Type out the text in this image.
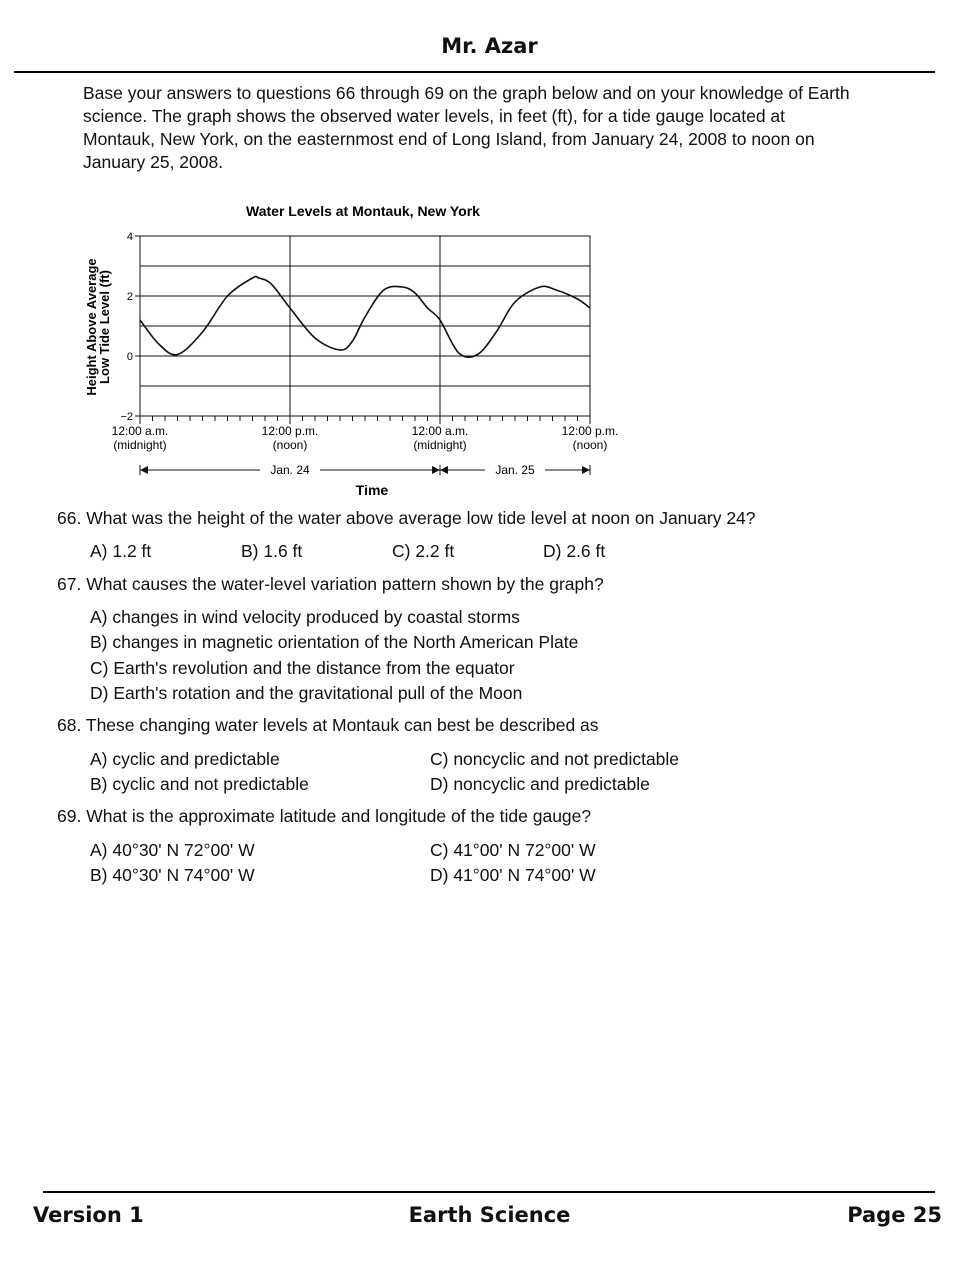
Mr. Azar

Base your answers to questions 66 through 69 on the graph below and on your knowledge of Earth science. The graph shows the observed water levels, in feet (ft), for a tide gauge located at Montauk, New York, on the easternmost end of Long Island, from January 24, 2008 to noon on January 25, 2008.

Water Levels at Montauk, New York
Height Above Average
Low Tide Level (ft)
4
2
0
−2
12:00 a.m.
(midnight)
12:00 p.m.
(noon)
12:00 a.m.
(midnight)
12:00 p.m.
(noon)
Jan. 24	Jan. 25
Time
66. What was the height of the water above average low tide level at noon on January 24?
A) 1.2 ft	B) 1.6 ft	C) 2.2 ft	D) 2.6 ft
67. What causes the water-level variation pattern shown by the graph?
A) changes in wind velocity produced by coastal storms
B) changes in magnetic orientation of the North American Plate
C) Earth's revolution and the distance from the equator
D) Earth's rotation and the gravitational pull of the Moon
68. These changing water levels at Montauk can best be described as
A) cyclic and predictable
B) cyclic and not predictable
C) noncyclic and not predictable
D) noncyclic and predictable
69. What is the approximate latitude and longitude of the tide gauge?
A) 40°30' N 72°00' W
B) 40°30' N 74°00' W
C) 41°00' N 72°00' W
D) 41°00' N 74°00' W
Version 1	Earth Science	Page 25
